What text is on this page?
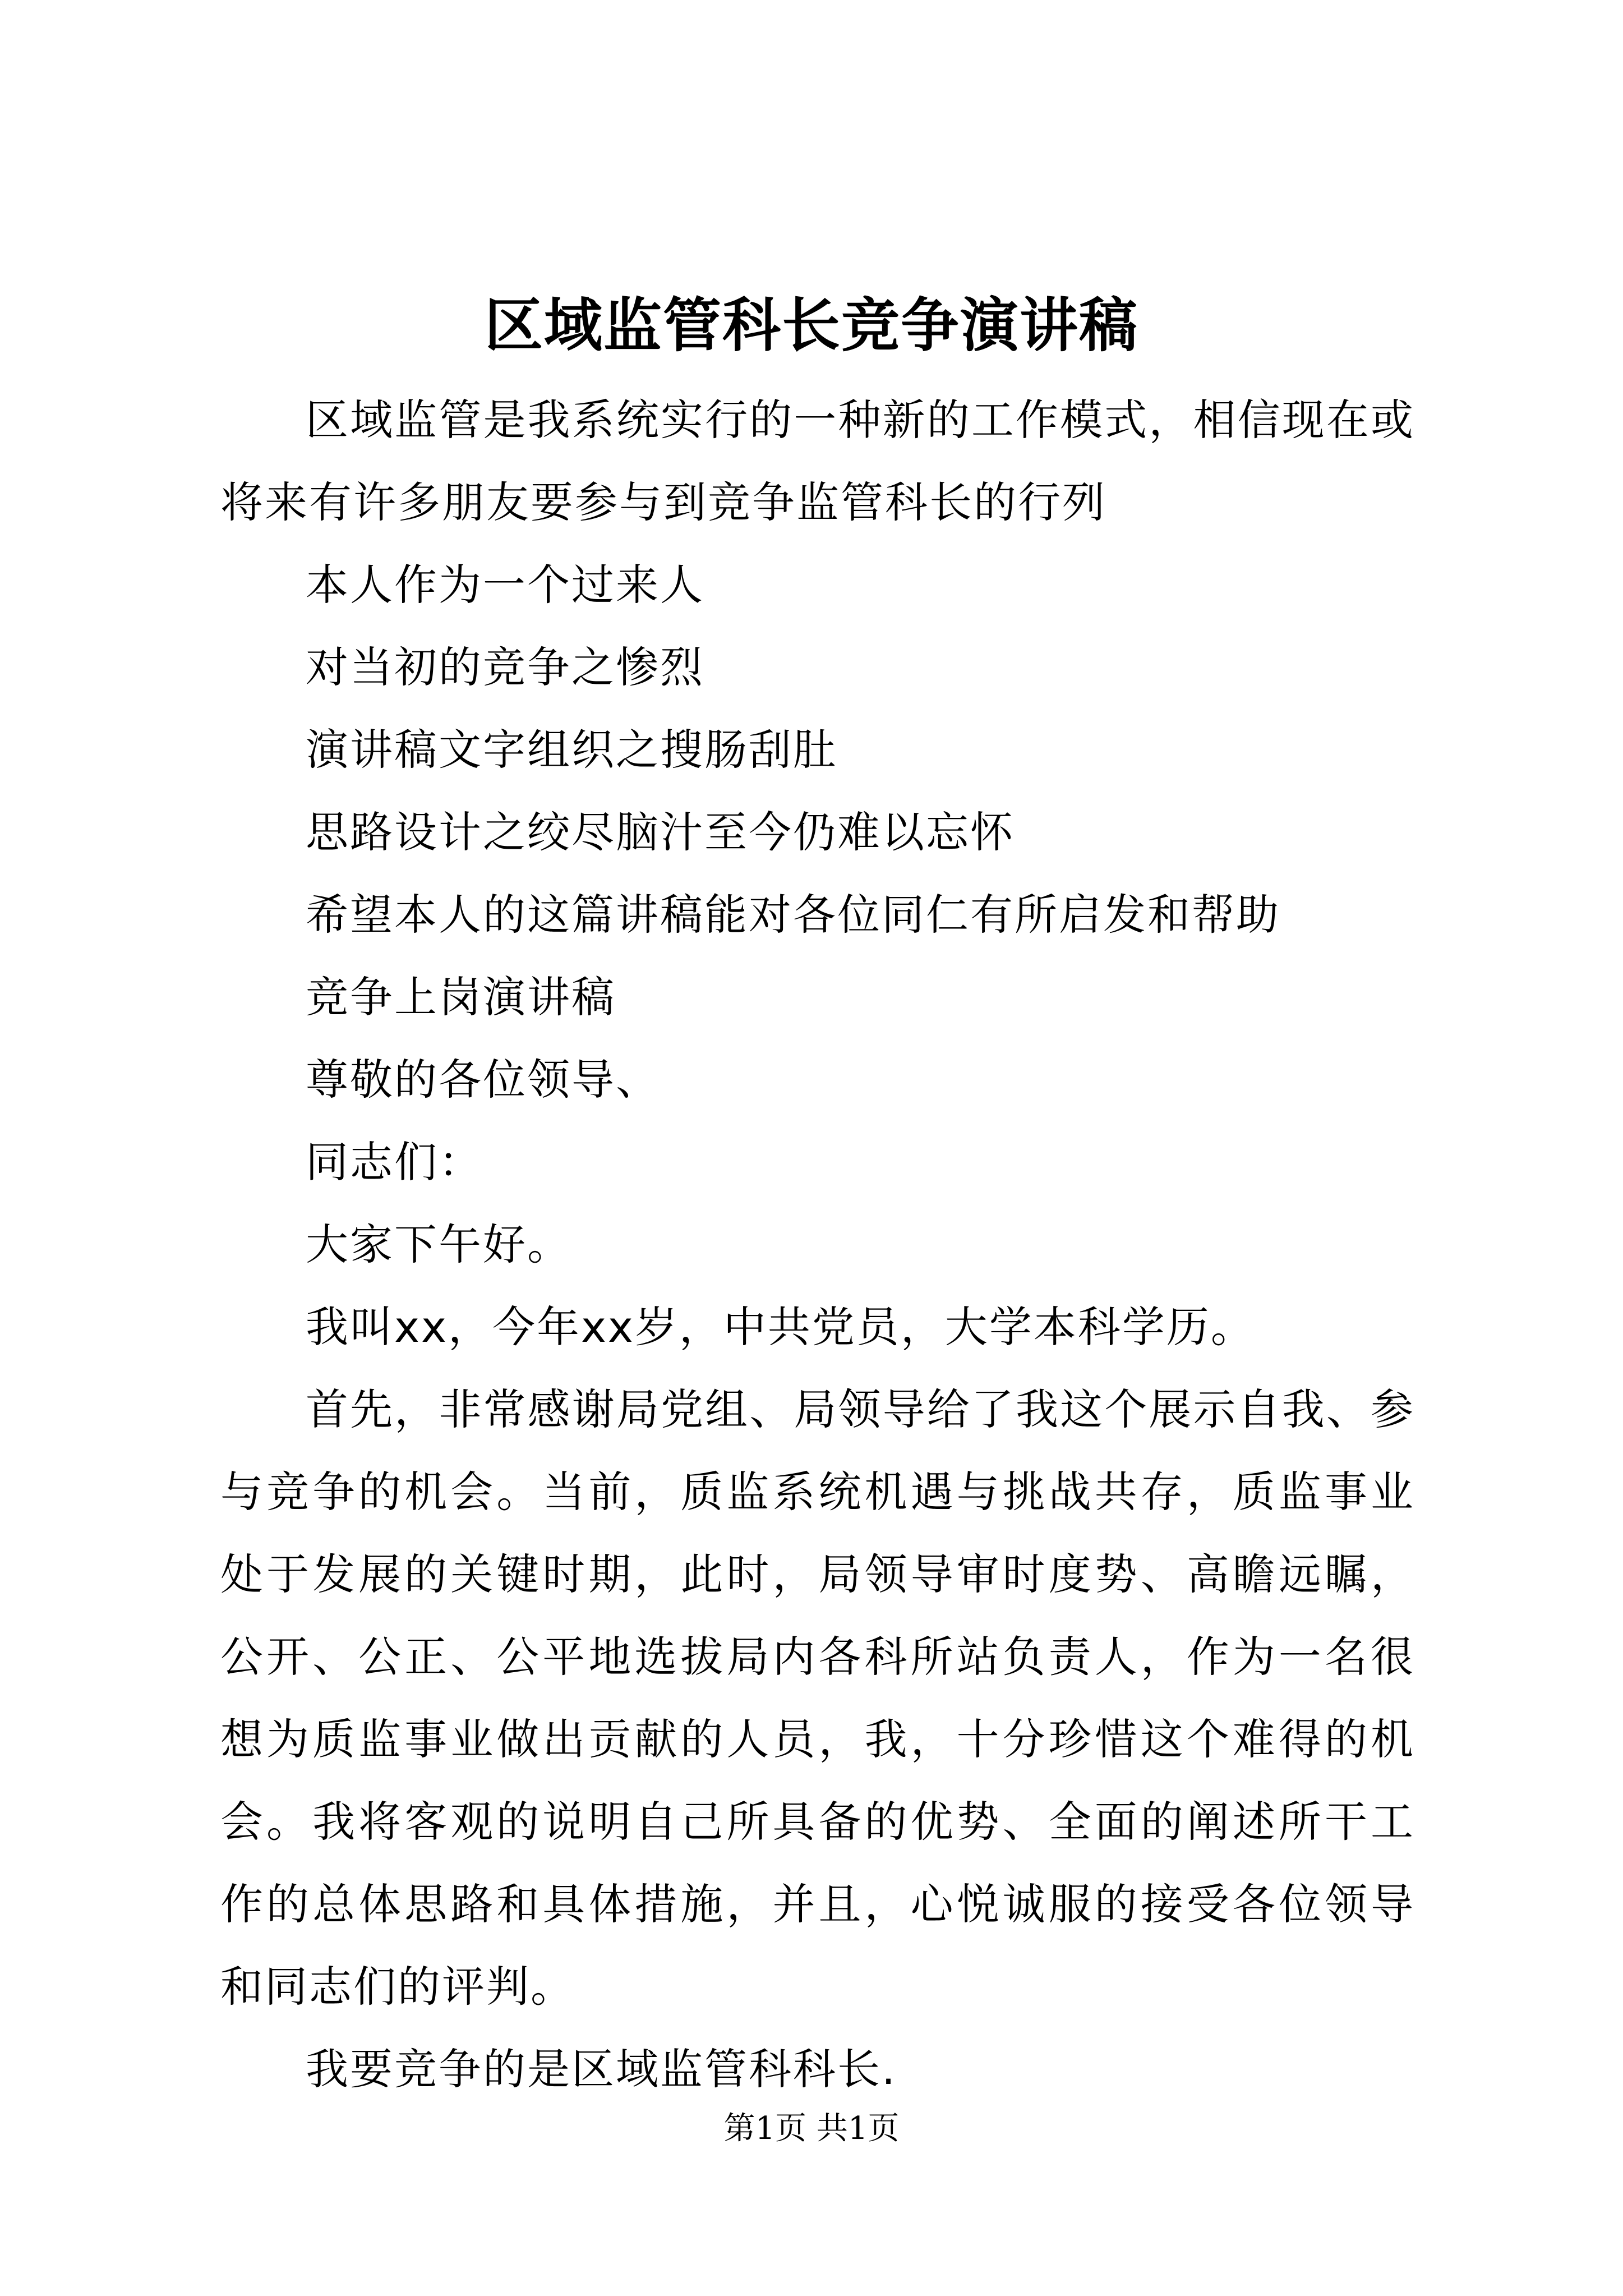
区域监管科长竞争演讲稿

区域监管是我系统实行的一种新的工作模式，相信现在或将来有许多朋友要参与到竞争监管科长的行列

本人作为一个过来人

对当初的竞争之惨烈

演讲稿文字组织之搜肠刮肚

思路设计之绞尽脑汁至今仍难以忘怀

希望本人的这篇讲稿能对各位同仁有所启发和帮助

竞争上岗演讲稿

尊敬的各位领导、

同志们：

大家下午好。

我叫xx，今年xx岁，中共党员，大学本科学历。

首先，非常感谢局党组、局领导给了我这个展示自我、参与竞争的机会。当前，质监系统机遇与挑战共存，质监事业处于发展的关键时期，此时，局领导审时度势、高瞻远瞩，公开、公正、公平地选拔局内各科所站负责人，作为一名很想为质监事业做出贡献的人员，我，十分珍惜这个难得的机会。我将客观的说明自己所具备的优势、全面的阐述所干工作的总体思路和具体措施，并且，心悦诚服的接受各位领导和同志们的评判。

我要竞争的是区域监管科科长.

第1页 共1页
